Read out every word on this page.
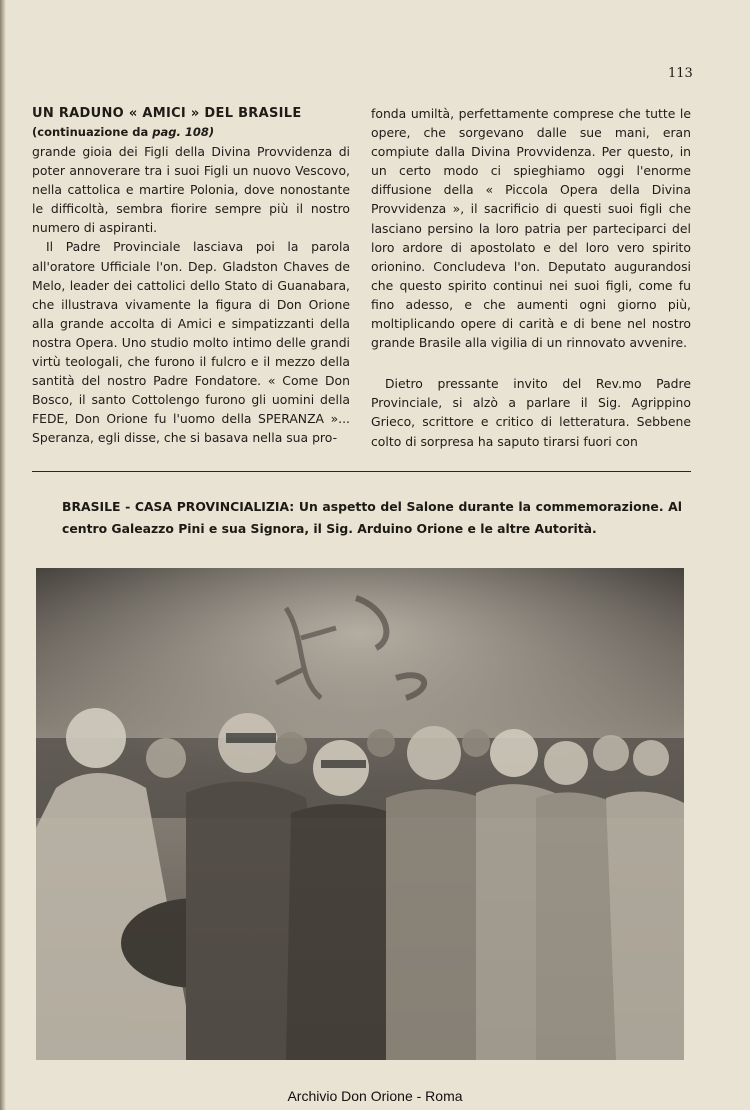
113

UN RADUNO « AMICI » DEL BRASILE

(continuazione da pag. 108)

grande gioia dei Figli della Divina Provvidenza di poter annoverare tra i suoi Figli un nuovo Vescovo, nella cattolica e martire Polonia, dove nonostante le difficoltà, sembra fiorire sempre più il nostro numero di aspiranti.

Il Padre Provinciale lasciava poi la parola all'oratore Ufficiale l'on. Dep. Gladston Chaves de Melo, leader dei cattolici dello Stato di Guanabara, che illustrava vivamente la figura di Don Orione alla grande accolta di Amici e simpatizzanti della nostra Opera. Uno studio molto intimo delle grandi virtù teologali, che furono il fulcro e il mezzo della santità del nostro Padre Fondatore. « Come Don Bosco, il santo Cottolengo furono gli uomini della FEDE, Don Orione fu l'uomo della SPERANZA »... Speranza, egli disse, che si basava nella sua pro-

fonda umiltà, perfettamente comprese che tutte le opere, che sorgevano dalle sue mani, eran compiute dalla Divina Provvidenza. Per questo, in un certo modo ci spieghiamo oggi l'enorme diffusione della « Piccola Opera della Divina Provvidenza », il sacrificio di questi suoi figli che lasciano persino la loro patria per parteciparci del loro ardore di apostolato e del loro vero spirito orionino. Concludeva l'on. Deputato augurandosi che questo spirito continui nei suoi figli, come fu fino adesso, e che aumenti ogni giorno più, moltiplicando opere di carità e di bene nel nostro grande Brasile alla vigilia di un rinnovato avvenire.

Dietro pressante invito del Rev.mo Padre Provinciale, si alzò a parlare il Sig. Agrippino Grieco, scrittore e critico di letteratura. Sebbene colto di sorpresa ha saputo tirarsi fuori con

BRASILE - CASA PROVINCIALIZIA: Un aspetto del Salone durante la commemorazione. Al centro Galeazzo Pini e sua Signora, il Sig. Arduino Orione e le altre Autorità.
Archivio Don Orione - Roma
